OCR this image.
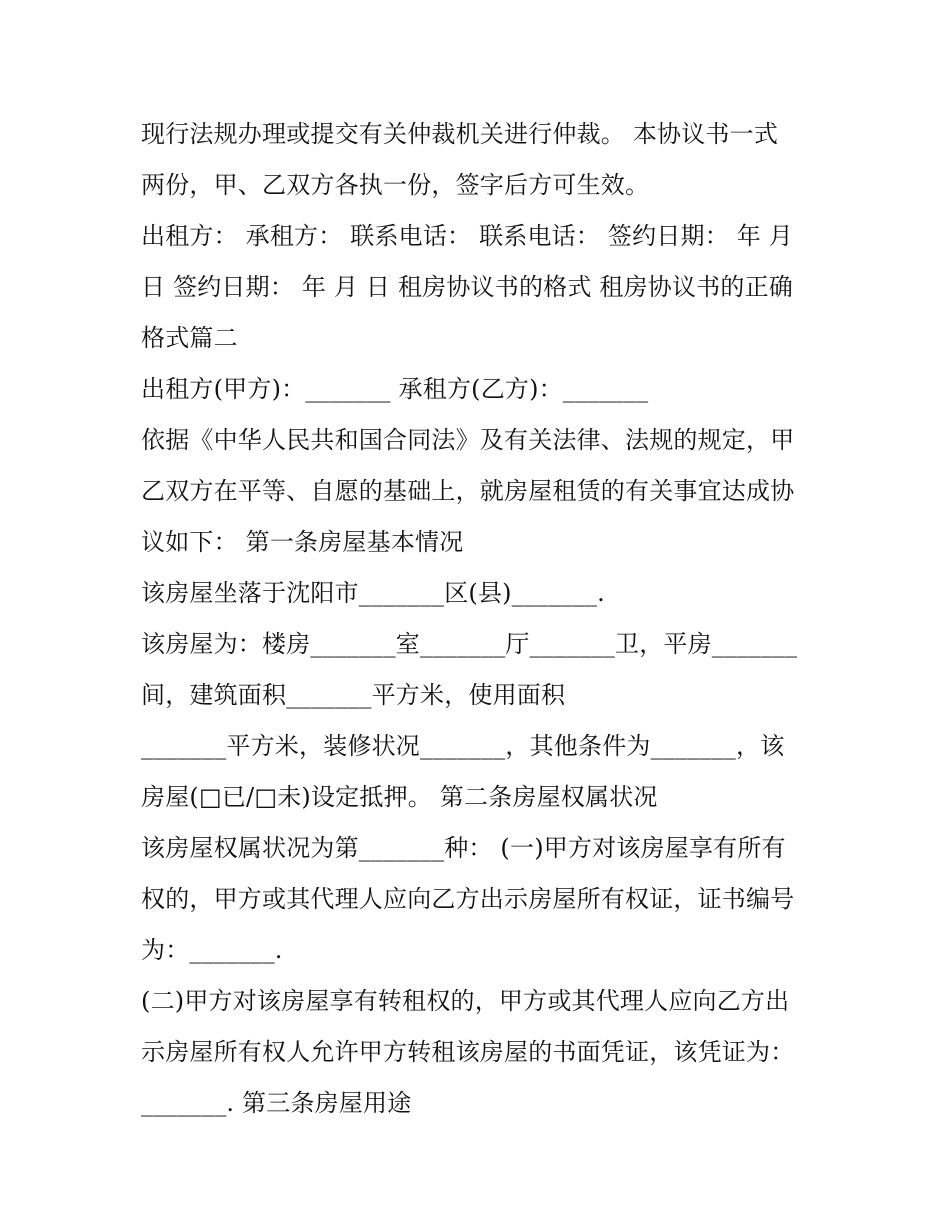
现行法规办理或提交有关仲裁机关进行仲裁。 本协议书一式
两份，甲、乙双方各执一份，签字后方可生效。
出租方： 承租方： 联系电话： 联系电话： 签约日期： 年 月
日 签约日期： 年 月 日 租房协议书的格式 租房协议书的正确
格式篇二
出租方(甲方)：_______ 承租方(乙方)：_______
依据《中华人民共和国合同法》及有关法律、法规的规定，甲
乙双方在平等、自愿的基础上，就房屋租赁的有关事宜达成协
议如下： 第一条房屋基本情况
该房屋坐落于沈阳市_______区(县)_______.
该房屋为：楼房_______室_______厅_______卫，平房_______
间，建筑面积_______平方米，使用面积
_______平方米，装修状况_______，其他条件为_______，该
房屋(□已/□未)设定抵押。 第二条房屋权属状况
该房屋权属状况为第_______种： (一)甲方对该房屋享有所有
权的，甲方或其代理人应向乙方出示房屋所有权证，证书编号
为：_______.
(二)甲方对该房屋享有转租权的，甲方或其代理人应向乙方出
示房屋所有权人允许甲方转租该房屋的书面凭证，该凭证为：
_______. 第三条房屋用途
